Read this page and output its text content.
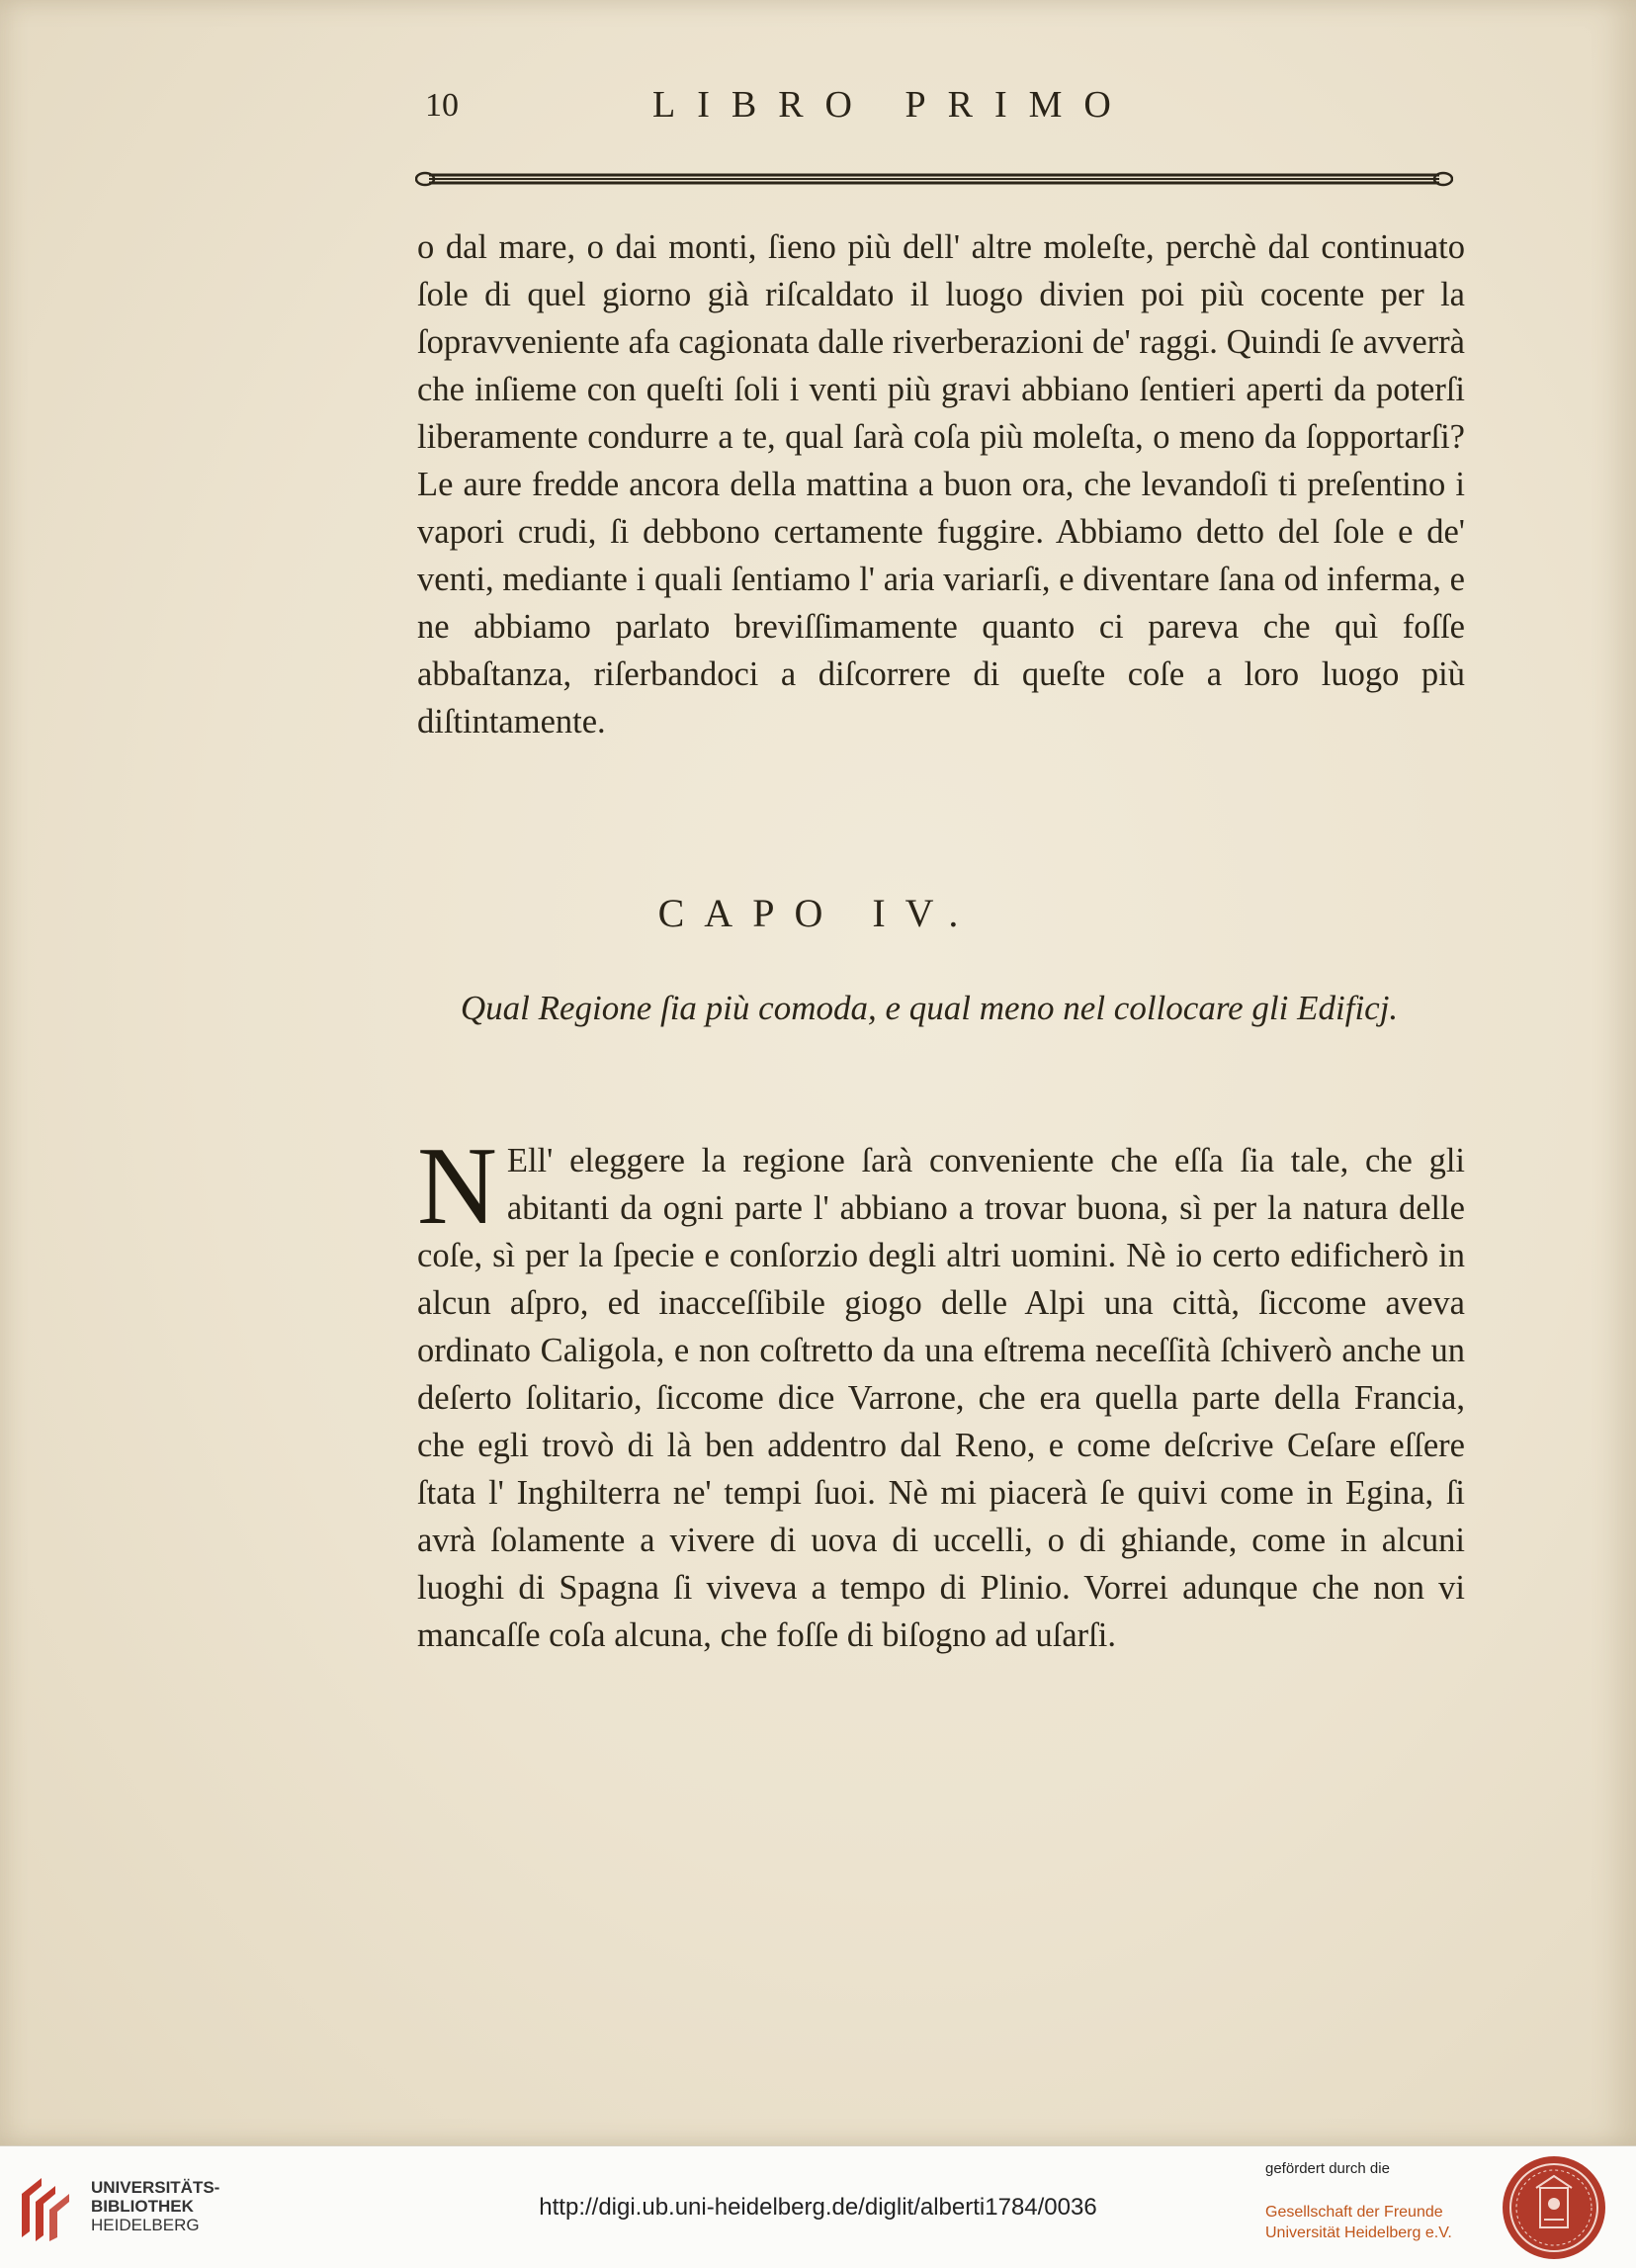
10	LIBRO PRIMO
o dal mare, o dai monti, ſieno più dell' altre moleſte, perchè dal continuato ſole di quel giorno già riſcaldato il luogo divien poi più cocente per la ſopravveniente afa cagionata dalle riverberazioni de' raggi. Quindi ſe avverrà che inſieme con queſti ſoli i venti più gravi abbiano ſentieri aperti da poterſi liberamente condurre a te, qual ſarà coſa più moleſta, o meno da ſopportarſi? Le aure fredde ancora della mattina a buon ora, che levandoſi ti preſentino i vapori crudi, ſi debbono certamente fuggire. Abbiamo detto del ſole e de' venti, mediante i quali ſentiamo l' aria variarſi, e diventare ſana od inferma, e ne abbiamo parlato breviſſimamente quanto ci pareva che quì foſſe abbaſtanza, riſerbandoci a diſcorrere di queſte coſe a loro luogo più diſtintamente.
CAPO IV.
Qual Regione ſia più comoda, e qual meno nel collocare gli Edificj.
N Ell' eleggere la regione ſarà conveniente che eſſa ſia tale, che gli abitanti da ogni parte l' abbiano a trovar buona, sì per la natura delle coſe, sì per la ſpecie e conſorzio degli altri uomini. Nè io certo edificherò in alcun aſpro, ed inacceſſibile giogo delle Alpi una città, ſiccome aveva ordinato Caligola, e non coſtretto da una eſtrema neceſſità ſchiverò anche un deſerto ſolitario, ſiccome dice Varrone, che era quella parte della Francia, che egli trovò di là ben addentro dal Reno, e come deſcrive Ceſare eſſere ſtata l' Inghilterra ne' tempi ſuoi. Nè mi piacerà ſe quivi come in Egina, ſi avrà ſolamente a vivere di uova di uccelli, o di ghiande, come in alcuni luoghi di Spagna ſi viveva a tempo di Plinio. Vorrei adunque che non vi mancaſſe coſa alcuna, che foſſe di biſogno ad uſarſi.
UNIVERSITÄTS-
BIBLIOTHEK
HEIDELBERG
http://digi.ub.uni-heidelberg.de/diglit/alberti1784/0036
gefördert durch die
Gesellschaft der Freunde
Universität Heidelberg e.V.
